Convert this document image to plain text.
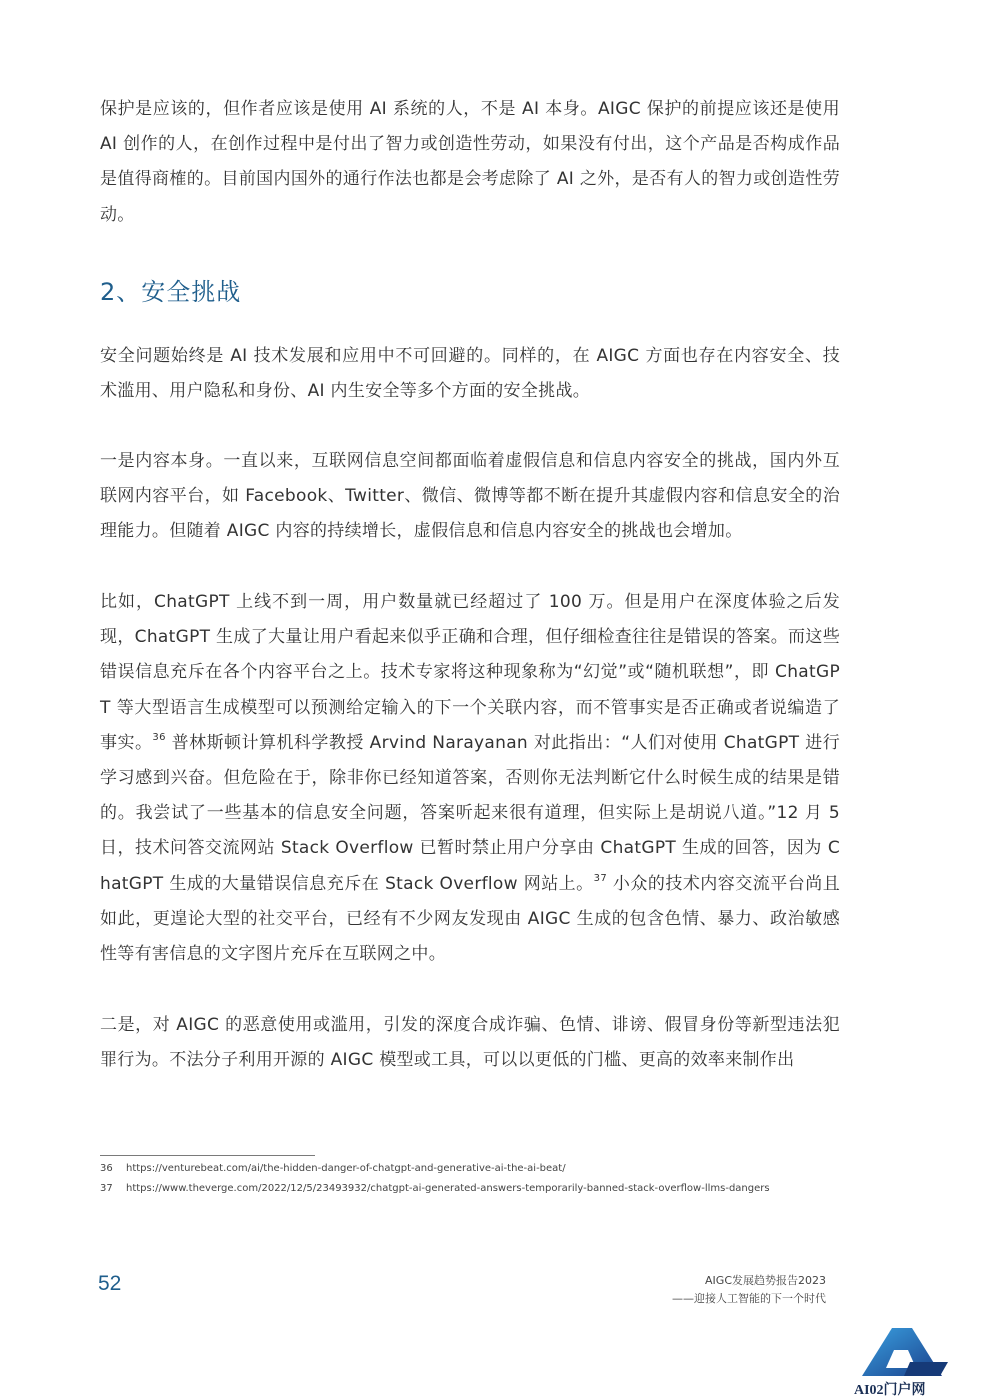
保护是应该的，但作者应该是使用 AI 系统的人，不是 AI 本身。AIGC 保护的前提应该还是使用 AI 创作的人，在创作过程中是付出了智力或创造性劳动，如果没有付出，这个产品是否构成作品是值得商榷的。目前国内国外的通行作法也都是会考虑除了 AI 之外，是否有人的智力或创造性劳动。

2、安全挑战

安全问题始终是 AI 技术发展和应用中不可回避的。同样的，在 AIGC 方面也存在内容安全、技术滥用、用户隐私和身份、AI 内生安全等多个方面的安全挑战。

一是内容本身。一直以来，互联网信息空间都面临着虚假信息和信息内容安全的挑战，国内外互联网内容平台，如 Facebook、Twitter、微信、微博等都不断在提升其虚假内容和信息安全的治理能力。但随着 AIGC 内容的持续增长，虚假信息和信息内容安全的挑战也会增加。

比如，ChatGPT 上线不到一周，用户数量就已经超过了 100 万。但是用户在深度体验之后发现，ChatGPT 生成了大量让用户看起来似乎正确和合理，但仔细检查往往是错误的答案。而这些错误信息充斥在各个内容平台之上。技术专家将这种现象称为“幻觉”或“随机联想”，即 ChatGPT 等大型语言生成模型可以预测给定输入的下一个关联内容，而不管事实是否正确或者说编造了事实。$^{36}$ 普林斯顿计算机科学教授 Arvind Narayanan 对此指出：“人们对使用 ChatGPT 进行学习感到兴奋。但危险在于，除非你已经知道答案，否则你无法判断它什么时候生成的结果是错的。我尝试了一些基本的信息安全问题，答案听起来很有道理，但实际上是胡说八道。”12 月 5 日，技术问答交流网站 Stack Overflow 已暂时禁止用户分享由 ChatGPT 生成的回答，因为 ChatGPT 生成的大量错误信息充斥在 Stack Overflow 网站上。$^{37}$ 小众的技术内容交流平台尚且如此，更遑论大型的社交平台，已经有不少网友发现由 AIGC 生成的包含色情、暴力、政治敏感性等有害信息的文字图片充斥在互联网之中。

二是，对 AIGC 的恶意使用或滥用，引发的深度合成诈骗、色情、诽谤、假冒身份等新型违法犯罪行为。不法分子利用开源的 AIGC 模型或工具，可以以更低的门槛、更高的效率来制作出

36 https://venturebeat.com/ai/the-hidden-danger-of-chatgpt-and-generative-ai-the-ai-beat/
37 https://www.theverge.com/2022/12/5/23493932/chatgpt-ai-generated-answers-temporarily-banned-stack-overflow-llms-dangers
52	AIGC发展趋势报告2023
——迎接人工智能的下一个时代
AI02门户网
